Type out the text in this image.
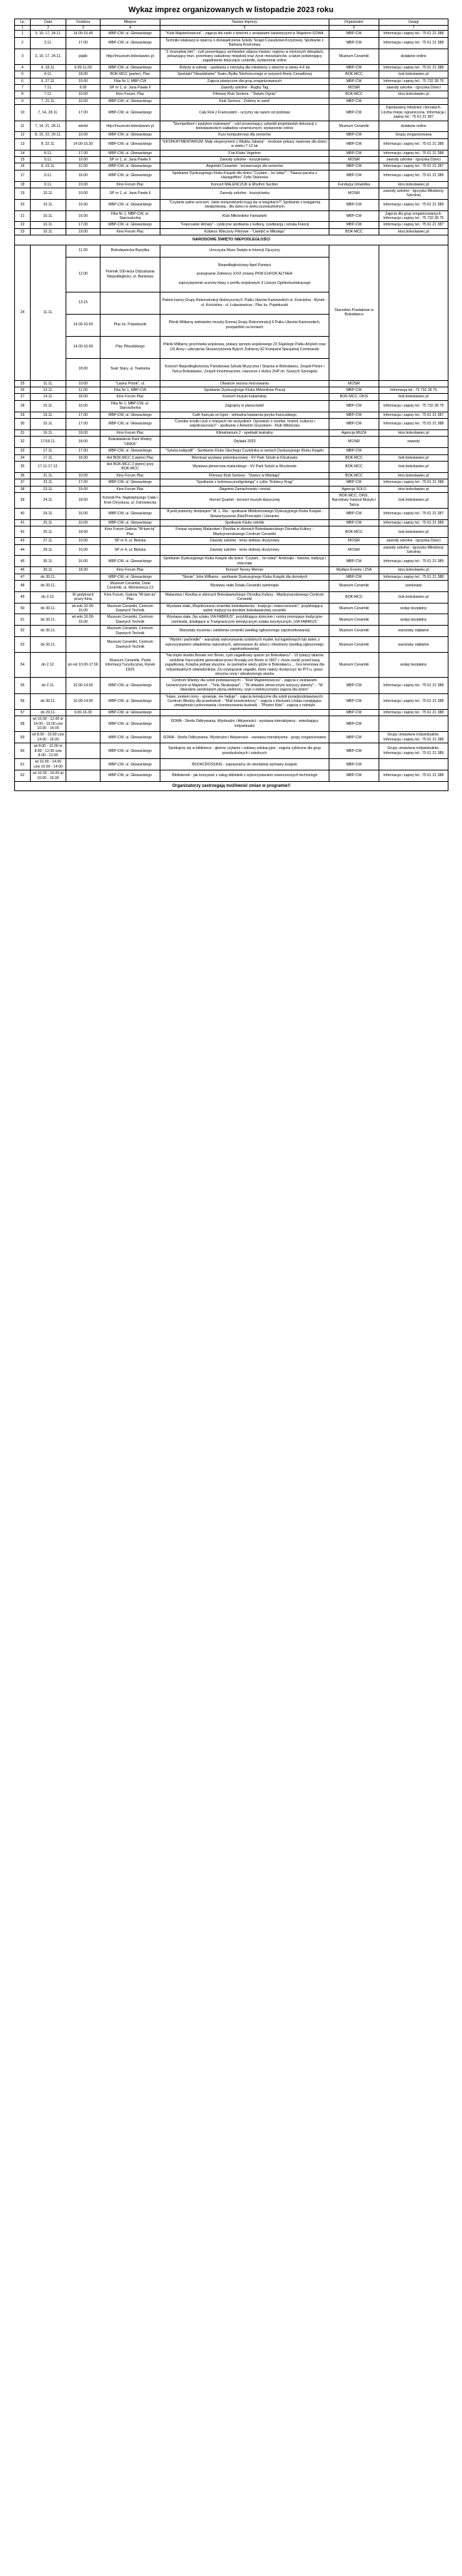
Wykaz imprez organizowanych w listopadzie 2023 roku
Lp.	Data	Godzina	Miejsce	Nazwa imprezy	Organizator	Uwagi
1	2	3	4	5	6	7
1	3, 10, 17, 24.11.	14.00-15.45	MBP-CW, ul. Głowackiego	"Klub Majsterkowicza" - zajęcia dla osób z dziećmi z zestawami lutowniczymi w Majsterni SOWA	MBP-CW	Informacja i zapisy tel.: 75 61 21 388
2	3.11.	17.00	MBP-CW, ul. Głowackiego	Techniki relaksacji w oparciu o doświadczenia Szkoły Terapii Czaszkowo-Krzyżowej. Spotkanie z Barbarą Kostrzewą	MBP-CW	Informacja i zapisy tel.: 75 61 21 388
3	3, 10, 17, 24.11.	piątki	http://muzeum.boleslawiec.pl	"Z muzealnej teki" - cykl prezentujący archiwalne zdjęcia miasta i regionu w minionych dekadach, pokazujący mun. przemiany zabudowy miejskiej oraz życie mieszkańców, a także polwierający zagadnienie dotyczące ceramiki, wydarzenie online	Muzeum Ceramiki	działanie online
4	4, 18.11.	9.00-11.00	MBP-CW, ul. Głowackiego	Roboty w sobotę - spotkania z robotyką dla młodzieży z dziećmi w wieku 4-6 lat	MBP-CW	Informacja i zapisy tel.: 75 61 21 388
5	4.11.	18.00	BOK-MCC (parter), Plac	Spektakl "Niewidzialne" Teatru Bydła Telefonicznego w reżyserii Anety Cenadlovej	BOK-MCC	bok.boleslawiec.pl
6	6, 27.11.	10.00	Filia Nr 1, MBP-CW	Zajęcia plastyczne dla grup zorganizowanych	MBP-CW	Informacja i zapisy tel.: 75 732 28 75
7	7.11.	9.00	SP nr 1, ul. Jana Pawła II	Zawody szkolne - Rugby Tag	MOSiR	zawody szkolne - Igrzyska Dzieci
8	7.11.	10.00	Kino Forum, Plac	Filmowy Klub Seniora - "Święto Ognia"	BOK-MCC	kino.boleslawiec.pl
9	7, 21.11.	10.00	MBP-CW, ul. Głowackiego	Klub Seniora - Zróbmy to sami!	MBP-CW	
10	7, 14, 28.11.	17.00	MBP-CW, ul. Głowackiego	Cały Rok z Francuskim - uczymy się razem od podstaw	MBP-CW	Zapraszamy młodzież i dorosłych. Liczba miejsc ograniczona. Informacja i zapisy tel.: 75 61 21 387
11	7, 14, 21, 28.11.	wtorki	http://muzeum.boleslawiec.pl	"Stempelkiem i pędzlem malowane" - cykl prezentujący sylwetki projektantek dekoracji z bolesławieckich zakładów ceramicznych; wydarzenie online	Muzeum Ceramiki	działanie online
12	8, 15, 22, 29.11.	10.00	MBP-CW, ul. Głowackiego	Kurs komputerowy dla seniorów	MBP-CW	Grupa zorganizowana
13	8, 22.11.	14.00-15.30	MBP-CW, ul. Głowackiego	"EKSPERYMENTARIUM. Mały eksperyment z Wiatka Jabana" - środowe pokazy naukowe dla dzieci w wieku 7-12 lat	MBP-CW	Informacja i zapisy tel.: 75 61 21 388
14	8.11.	17.00	MBP-CW, ul. Głowackiego	3 lat Klubu Vegetrec	MBP-CW	Informacja i zapisy tel.: 75 61 21 388
15	9.11.	10.00	SP nr 1, ul. Jana Pawła II	Zawody szkolne - koszykówka	MOSiR	zawody szkolne - Igrzyska Dzieci
16	9, 23.11.	12.00	MBP-CW, ul. Głowackiego	Angielski Czwartek - konwersacje dla seniorów	MBP-CW	Informacja i zapisy tel.: 75 61 21 387
17	9.11.	16.00	MBP-CW, ul. Głowackiego	Spotkanie Dyskusyjnego Klubu Książki dla dzieci "Czytam... bo lubię!" - "Nasza paczka z Hausgoffetu" Zofia Stanecka	MBP-CW	Informacja i zapisy tel.: 75 61 21 389
18	9.11.	19.00	Kino Forum Plac	Koncert MALENCZUK & Rhythm Section	Fundacja Uniwiśtka	kino.boleslawiec.pl
19	10.11.	10.00	SP nr 1, ul. Jana Pawła II	Zawody szkolne - koszykówka	MOSiR	zawody szkolne - Igrzyska Młodzieży Szkolnej
20	10.11.	10.00	MBP-CW, ul. Głowackiego	"Czytanie palne uroczeń. Jakie niespodzianki kryją się w książkach?" Spotkanie z księgarnią świątynkową - dla dzieci w wieku przedszkolnym	MBP-CW	Informacja i zapisy tel.: 75 61 21 389
21	10.11.	16.00	Filia Nr 1, MBP-CW, ul. Staroszkolna	Klub Miłośników Fantastyki	MBP-CW	Zajęcia dla grup zorganizowanych. Informacja i zapisy tel.: 75 732 28 75
22	10.11.	17.00	MBP-CW, ul. Głowackiego	"Francuskie klimaty" - cykliczne spotkania z kulturą, cywilizacją i sztuką Francji	MBP-CW	Informacja i zapisy tel.: 75 61 21 387
23	10.11.	19.00	Kino Forum Plac	Kobiece Wieczory Filmowe - "Usiebić w Mikołaja"	BOK-MCC	kino.boleslawiec.pl
NARODOWE ŚWIĘTO NIEPODLEGŁOŚCI						
24	11.11.	11.00	Bolesławiecka Bazylika	Uroczysta Msza Święta w Intencji Ojczyzny	Starostwo Powiatowe w Bolesławcu	
		12.00	Pomnik 100-lecia Odzyskania Niepodległości, ul. Bankowa	Niepodległościowy Apel Pamięci

pożegnanie Żołnierzy XXVI zmiany PKW EUFOR ALTHEA

zaprzysiężenie ucznów klasy o profilu wojskowym II Liceum Ogólnokształcącego		
		13.15		Patriot kanny Grupy Rekonstrukcji Historycznej 6. Pułku Ułanów Kaniowskich ul. Kościelna - Rynek - ul. Kościelna - ul. Łukasiewicza - Plac ks. Popiełuszki		
		14.00-16.00	Plac ks. Popiełuszki	Piknik Militarny widowisko muszty Konnej Grupy Rekonstrukcji 6 Pułku Ułanów Kaniowskich, przejażdżki na koniach		
		14.00-16.00	Plac Piłsudskiego	Piknik Militarny grochówka wojskowa, pokazy sprzętu wojskowego 23 Śląskiego Pułku Artylerii oraz US Army i uzbrojenia Stowarzyszenia Byłych Żołnierzy 82 Kompanii Specjalnej Commando		
		18.00	Teatr Stary, ul. Teatralna	Koncert Niepodległościowy Państwowa Szkoła Muzyczna I Stopnia w Bolesławcu, Zespół Pieśni i Tańca Bolesławiec, Zespół Innominacione, Harcerze z Hufca ZHP im. Szarych Szeregów		
25	11.11.	10.00	"Lasiny Potok", ul.	Otwarcie sezonu morsowania	MOSiR	
26	13.11.	11.00	Filia Nr 1, MBP-CW	Spotkanie Dyskusyjnego Klubu Miłośników Poezji	MBP-CW	Informacja tel.: 75 732 28 75
27	14.11.	18.00	Kino Forum Plac	Koncert muzyki kubańskiej	BOK-MCC, OKiS	bok.boleslawiec.pl
28	15.11.	16.00	Filia Nr 1, MBP-CW, ul. Staroszkolna	Zagrajmy w planszówki!	MBP-CW	Informacja i zapisy tel.: 75 732 28 75
29	15.11.	17.00	MBP-CW, ul. Głowackiego	Café français en ligne - wirtualna kawiarnia języka francuskiego	MBP-CW	Informacja i zapisy tel.: 75 61 21 387
30	15.11.	17.00	MBP-CW, ul. Głowackiego	"Czeskie środki czyli o relacjach nie wszystkich. Opowieść o rzeźbie, historii, kulturze i współczesności" - spotkanie z Antonim Gryszkiem - Klub Wiktoryka	MBP-CW	Informacja i zapisy tel.: 75 61 21 388
31	16.11.	18.00	Kino Forum Plac	Klimatnerium 2 - spektakl teatralny	Agencja MUZA	kino.boleslawiec.pl
32	17/18.11.	18.00	Bolesławiecki Park Wodny "ORKA"	Otylada 2023	MOSiR	zawody
33	17.11.	17.00	MBP-CW, ul. Głowackiego	"Sztuka kaligrafii" - Spotkanie Klubu Głuchego Czytelnika w ramach Dyskusyjnego Klubu Książki	MBP-CW	
34	17.11.	18.00	Hol BOK-MCC (I piętro) Plac	Wernisaż wystawy pokonkursowej - XV Park Sztuki w Kliczkowie	BOK-MCC	bok.boleslawiec.pl
35	17.11-17.12.		Hol BOK-MCC (I piętro) przy BOK-MCC	Wystawa plenerowa malarskiego - XV Park Sztuki w Kliczkowie	BOK-MCC	bok.boleslawiec.pl
36	21.11.	10.00	Kino Forum Plac	Filmowy Klub Seniora - "Uwierz w Mikołaja"	BOK-MCC	kino.boleslawiec.pl
37	23.11.	17.00	MBP-CW, ul. Głowackiego	"Spotkanie z bobrowa predigolangą" z cyklu "Kobiecy Krąg"	MBP-CW	Informacja i zapisy tel.: 75 61 21 388
38	23.11.	19.00	Kino Forum Plac	Zbigniew Zamachowski i recital	Agencja SOLO	kino.boleslawiec.pl
39	24.11.	18.00	Kościół Pw. Najświętszego Ciała i Krwi Chrystusa, ul. Ostrowiecka	Hornet Quartet - koncert muzyki klasycznej	BOK-MCC, OKiS, Narodowy Instytut Muzyki i Tańca	bok.boleslawiec.pl
40	24.11.	16.00	MBP-CW, ul. Głowackiego	"A jeśli jesteśmy złodziejem" M. L. Rio - spotkanie Młodzieżowego Dyskusyjnego Klubu Książki - Stowarzyszenia (Nie)Przeciętni i Literacko	MBP-CW	Informacja i zapisy tel.: 75 61 21 387
41	25.11.	10.00	MBP-CW, ul. Głowackiego	Spotkanie Klubu robótki	MBP-CW	Informacja i zapisy tel.: 75 61 21 389
42	25.11.	18.00	Kino Forum Galeria "W-tam-ta" Plac	Finisaż wystawy Malarstwo i Rzeźba w zbiorach Bolesławieckiego Ośrodka Kultury - Międzynarodowego Centrum Ceramiki	BOK-MCC	bok.boleslawiec.pl
43	27.11.	10.00	SP nr 4, ul. Bielska	Zawody szkolne - tenis stołowy drużynowy	MOSiR	zawody szkolne - Igrzyska Dzieci
44	28.11.	10.00	SP nr 4, ul. Bielska	Zawody szkolne - tenis stołowy drużynowy	MOSiR	zawody szkolne - Igrzyska Młodzieży Szkolnej
45	30.11.	16.00	MBP-CW, ul. Głowackiego	Spotkanie Dyskusyjnego Klubu Książki dla dzieci "Czytam... bo lubię!" Andrzejki - historia, tradycja i zwyczaje	MBP-CW	Informacja i zapisy tel.: 75 61 21 389
46	30.11.	18.00	Kino Forum Plac	Koncert Teresy Werner	Mydlarz Events i ZSA	kino.boleslawiec.pl
47	do 30.11.		MBP-CW, ul. Głowackiego	"Słonie" John Williams - spotkanie Dyskusyjnego Klubu Książki dla dorosłych	MBP-CW	Informacja i zapisy tel.: 75 61 21 388
48	do 30.11.		Muzeum Ceramiki, Dział Ceramiki, ul. Mickiewicza 13	Wystawy stałe Działu Ceramiki zamknięte	Muzeum Ceramiki	zamknięte
49	do 2.12.	W godzinach pracy Kina	Kino Forum, Galeria "W-tam-ta" Plac	Malarstwo i Rzeźba w zbiorach Bolesławieckiego Ośrodka Kultury - Międzynarodowego Centrum Ceramiki	BOK-MCC	bok.boleslawiec.pl
50	do 30.11.	wt-sob 10.00-16.00	Muzeum Ceramiki, Centrum Dawnych Technik	Wystawa stała „Współczesna ceramika bolesławiecka - tradycja i nowoczesność", przybliżająca wybór tradycji na dorobek bolesławieckiej ceramiki	Muzeum Ceramiki	wstęp bezpłatny
51	do 30.11.	wt-sob 10.00-16.00	Muzeum Ceramiki, Centrum Dawnych Technik	Wystawa stała „Na szlaku VIA FABRIUS", przybliżająca dzieciom i centra promujące tradycyjne rzemiosła, działające w Trangraniczym tematycznym szlaku turystycznym „VIA FABRIUS"	Muzeum Ceramiki	wstęp bezpłatny
52	do 30.11.		Muzeum Ceramiki, Centrum Dawnych Technik	Warsztaty toczenia i zdobienia ceramiki (według ogłoszonego zapotrzebowania)	Muzeum Ceramiki	warsztaty odpłatne
53	do 30.11.		Muzeum Ceramiki, Centrum Dawnych Technik	"Myślni i pachnidło" - warsztaty wykonywania ozdobnych mydeł, kul kąpielowych lub świec z wykorzystaniem składników naturalnych, adresowane do dzieci i młodzieży (według zgłoszonego zapotrzebowania)	Muzeum Ceramiki	warsztaty odpłatne
54	do 2.12.	pn-nd 10.00-17.00	Muzeum Ceramiki, Punkt Informacji Turystycznej, Rynek 19/21	"Na tropie skarbu Bosaki von Bonin, cyzli zagadkowy spacer po Bolesławcu" - 15 tysięcy talarów ozdobnie francuskimi generałowi przez Rosiąłą von Bonin w 1807 r. może żaolić przed kasą zagadkową. Książka jednak słusznie, że pamiętne wieży gdzie w Bolesławcu..., Gra terenowa dla indywidualnych odwiedzników. Za rozwiązanie zagadki, które należy dostarczyć do PIT-u, grasz otrzyma cenę i obnaleziongo skarbu	Muzeum Ceramiki	wstęp bezpłatny
55	do 2.11.	10.00-14.00	MBP-CW, ul. Głowackiego	Centrum Wiedzy dla szkół podstawowych: - "Klub Majsterkowicza" - zajęcia z zestawami lutowniczymi w Majsterni; - "Tele-Skrakopopi"; - "W układzie słonecznym wszyscy planety"; - "W obwodzie zamkniętym płyną elektrony, czyli o elektryczności zajęcia dla dzieci"	MBP-CW	Informacja i zapisy tel.: 75 61 21 388
56	do 30.11.	10.00-14.00	MBP-CW, ul. Głowackiego	"Hase, zestem mrny - spowiuje, nie hejtuje" - zajęcia tematyczne dla szkół ponadpodstawowych; Centrum Wiedzy dla przedszkoli: - "Mali konstruktorzy" - zajęcia z klockami Lindas rozwijające umiejętności polonowania i konstruowania budowli; - "Photon Kids" - zajęcia z robotyki	MBP-CW	Informacja i zapisy tel.: 75 61 21 388
57	do 29.11.	9.00-16.30	MBP-CW, ul. Głowackiego		MBP-CW	Informacja i zapisy tel.: 75 61 21 388
58	wt 10.00 - 12.00 śr 14.00 - 19.00 czw 10.00 - 14.00		MBP-CW, ul. Głowackiego	SOWA - Strefa Odkrywania, Wyobraźni i Aktywności - wystawa interaktywna - zwiedzający indywidualni	MBP-CW	
59	wt 8.00 - 10.00 czw 14.00 - 16.00		MBP-CW, ul. Głowackiego	SOWA - Strefa Odkrywania, Wyobraźni i Aktywności - wystawa interaktywna - grupy zorganizowane	MBP-CW	Grupy umawiane indywidualnie. Informacja i zapisy tel.: 75 61 21 388
60	wt 8.00 - 12.00 śr 8.00 - 12.00 czw 8.00 - 12.00		MBP-CW, ul. Głowackiego	Spotkajmy się w bibliotece - głośne czytanie i zabawy edukacyjne - zajęcia cykliczne dla grup przedszkolnych i szkolnych	MBP-CW	Grupy umawiane indywidualnie. Informacja i zapisy tel.: 75 61 21 389
61	wt 10.00 - 14.00 czw 10.00 - 14.00		MBP-CW, ul. Głowackiego	BOOKCROSSING - zapraszamy do niezdalnej wymiany książek	MBP-CW	
62	wt 10.00 - 16.00 pt 10.00 - 16.00		MBP-CW, ul. Głowackiego	Bibliotenek - jak korzystać z usług biblioteki z wykorzystaniem nowoczesnych technologii	MBP-CW	Informacja i zapisy tel.: 75 61 21 388
Organizatorzy zastrzegają możliwość zmian w programie!!						
